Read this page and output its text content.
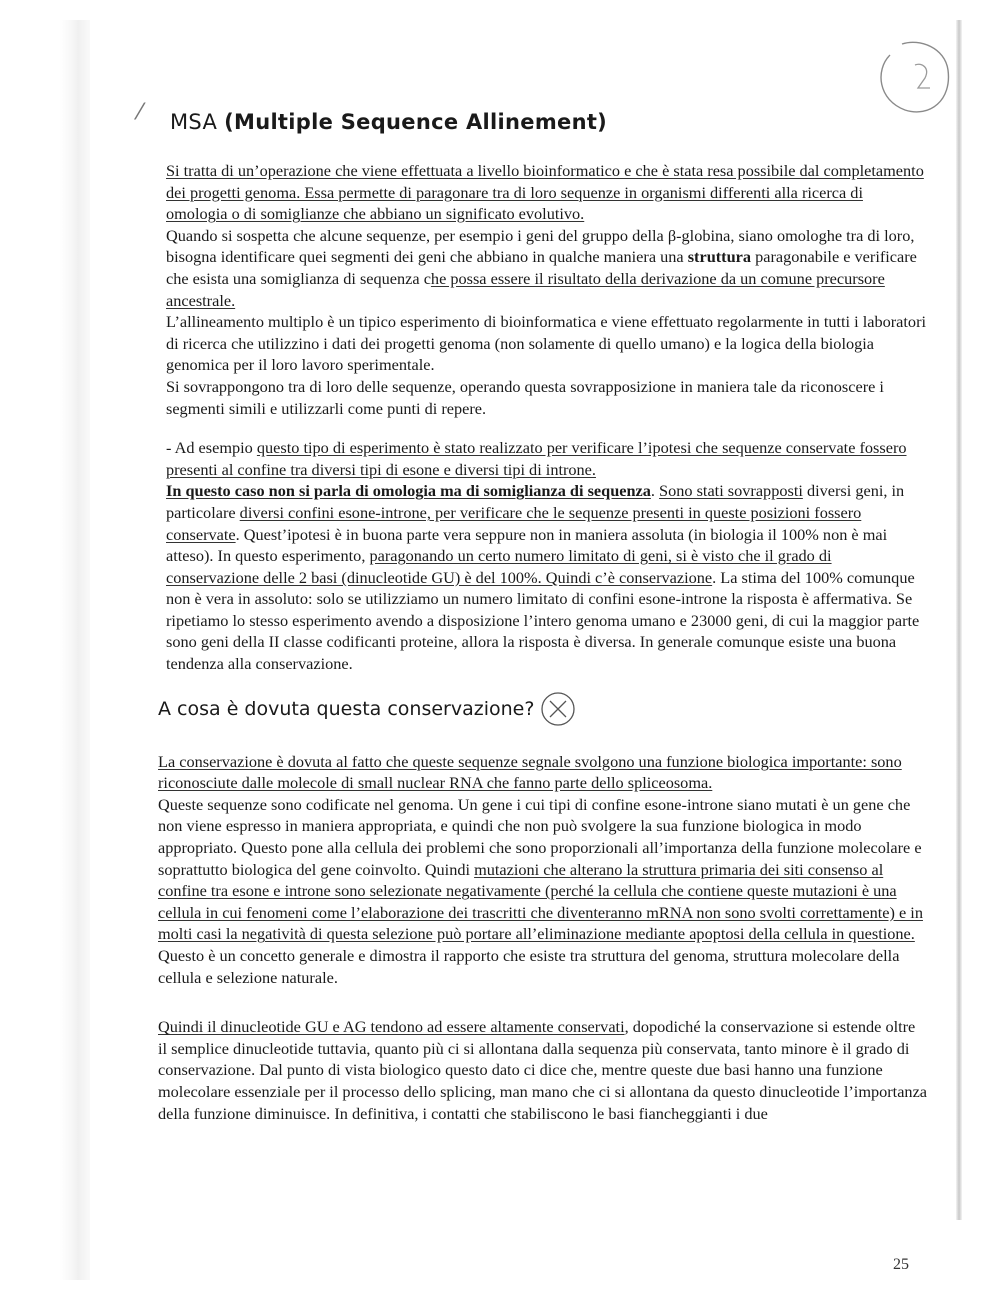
⁄ MSA (Multiple Sequence Allinement)

Si tratta di un’operazione che viene effettuata a livello bioinformatico e che è stata resa possibile dal completamento dei progetti genoma. Essa permette di paragonare tra di loro sequenze in organismi differenti alla ricerca di omologia o di somiglianze che abbiano un significato evolutivo.

Quando si sospetta che alcune sequenze, per esempio i geni del gruppo della β-globina, siano omologhe tra di loro, bisogna identificare quei segmenti dei geni che abbiano in qualche maniera una struttura paragonabile e verificare che esista una somiglianza di sequenza che possa essere il risultato della derivazione da un comune precursore ancestrale.

L’allineamento multiplo è un tipico esperimento di bioinformatica e viene effettuato regolarmente in tutti i laboratori di ricerca che utilizzino i dati dei progetti genoma (non solamente di quello umano) e la logica della biologia genomica per il loro lavoro sperimentale.

Si sovrappongono tra di loro delle sequenze, operando questa sovrapposizione in maniera tale da riconoscere i segmenti simili e utilizzarli come punti di repere.

- Ad esempio questo tipo di esperimento è stato realizzato per verificare l’ipotesi che sequenze conservate fossero presenti al confine tra diversi tipi di esone e diversi tipi di introne.
In questo caso non si parla di omologia ma di somiglianza di sequenza. Sono stati sovrapposti diversi geni, in particolare diversi confini esone-introne, per verificare che le sequenze presenti in queste posizioni fossero conservate. Quest’ipotesi è in buona parte vera seppure non in maniera assoluta (in biologia il 100% non è mai atteso). In questo esperimento, paragonando un certo numero limitato di geni, si è visto che il grado di conservazione delle 2 basi (dinucleotide GU) è del 100%. Quindi c’è conservazione. La stima del 100% comunque non è vera in assoluto: solo se utilizziamo un numero limitato di confini esone-introne la risposta è affermativa. Se ripetiamo lo stesso esperimento avendo a disposizione l’intero genoma umano e 23000 geni, di cui la maggior parte sono geni della II classe codificanti proteine, allora la risposta è diversa. In generale comunque esiste una buona tendenza alla conservazione.

A cosa è dovuta questa conservazione?

La conservazione è dovuta al fatto che queste sequenze segnale svolgono una funzione biologica importante: sono riconosciute dalle molecole di small nuclear RNA che fanno parte dello spliceosoma.

Queste sequenze sono codificate nel genoma. Un gene i cui tipi di confine esone-introne siano mutati è un gene che non viene espresso in maniera appropriata, e quindi che non può svolgere la sua funzione biologica in modo appropriato. Questo pone alla cellula dei problemi che sono proporzionali all’importanza della funzione molecolare e soprattutto biologica del gene coinvolto. Quindi mutazioni che alterano la struttura primaria dei siti consenso al confine tra esone e introne sono selezionate negativamente (perché la cellula che contiene queste mutazioni è una cellula in cui fenomeni come l’elaborazione dei trascritti che diventeranno mRNA non sono svolti correttamente) e in molti casi la negatività di questa selezione può portare all’eliminazione mediante apoptosi della cellula in questione.

Questo è un concetto generale e dimostra il rapporto che esiste tra struttura del genoma, struttura molecolare della cellula e selezione naturale.

Quindi il dinucleotide GU e AG tendono ad essere altamente conservati, dopodiché la conservazione si estende oltre il semplice dinucleotide tuttavia, quanto più ci si allontana dalla sequenza più conservata, tanto minore è il grado di conservazione. Dal punto di vista biologico questo dato ci dice che, mentre queste due basi hanno una funzione molecolare essenziale per il processo dello splicing, man mano che ci si allontana da questo dinucleotide l’importanza della funzione diminuisce. In definitiva, i contatti che stabiliscono le basi fiancheggianti i due

25
